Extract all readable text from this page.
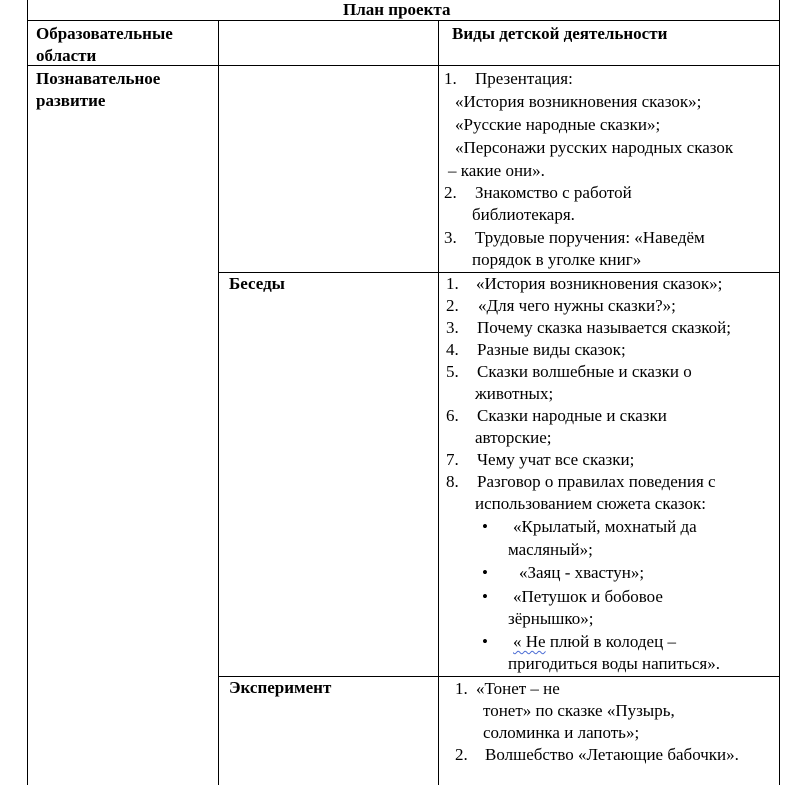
План проекта
Образовательные
области
Виды детской деятельности
Познавательное
развитие
1. Презентация:
«История возникновения сказок»;
«Русские народные сказки»;
«Персонажи русских народных сказок
– какие они».
2. Знакомство с работой
библиотекаря.
3. Трудовые поручения: «Наведём
порядок в уголке книг»
Беседы	1. «История возникновения сказок»;
2. «Для чего нужны сказки?»;
3. Почему сказка называется сказкой;
4. Разные виды сказок;
5. Сказки волшебные и сказки о
животных;
6. Сказки народные и сказки
авторские;
7. Чему учат все сказки;
8. Разговор о правилах поведения с
использованием сюжета сказок:
• «Крылатый, мохнатый да
масляный»;
• «Заяц - хвастун»;
• «Петушок и бобовое
зёрнышко»;
• « Не плюй в колодец –
пригодиться воды напиться».
Эксперимент	1. «Тонет – не
тонет» по сказке «Пузырь,
соломинка и лапоть»;
2. Волшебство «Летающие бабочки».
